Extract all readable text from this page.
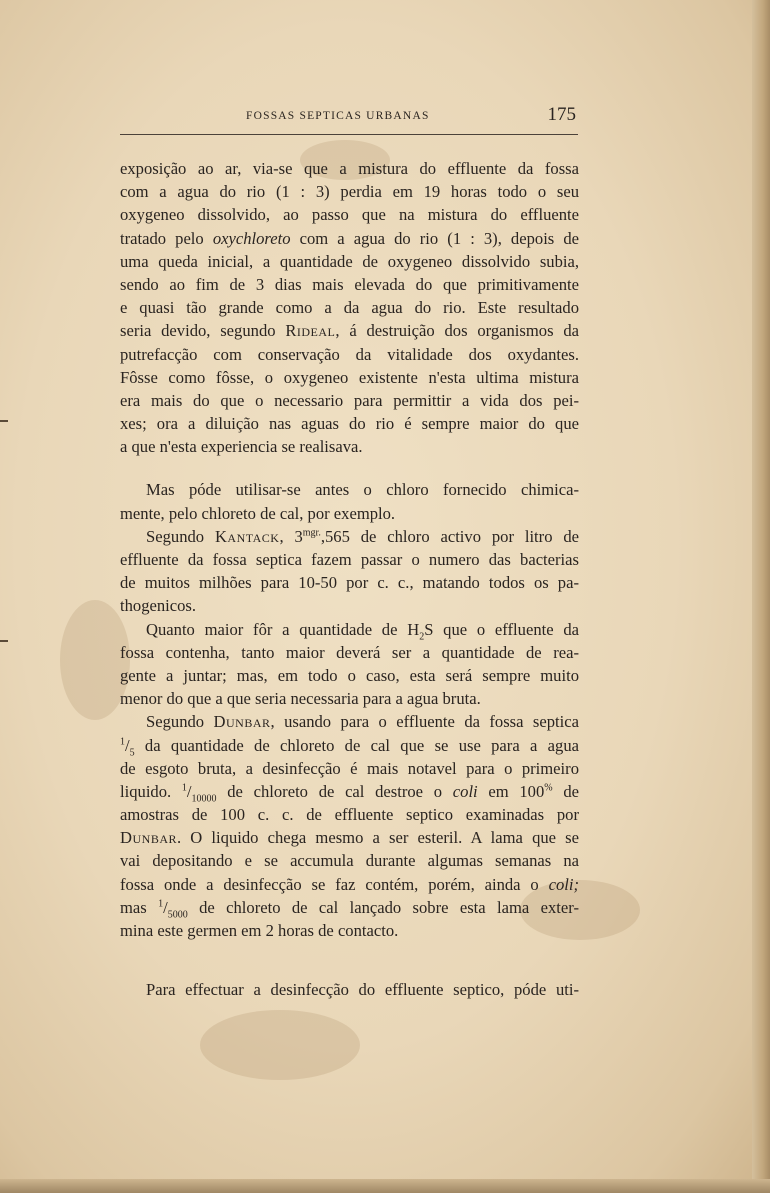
FOSSAS SEPTICAS URBANAS	175
exposição ao ar, via-se que a mistura do effluente da fossa
com a agua do rio (1 : 3) perdia em 19 horas todo o seu
oxygeneo dissolvido, ao passo que na mistura do effluente
tratado pelo oxychloreto com a agua do rio (1 : 3), depois de
uma queda inicial, a quantidade de oxygeneo dissolvido subia,
sendo ao fim de 3 dias mais elevada do que primitivamente
e quasi tão grande como a da agua do rio. Este resultado
seria devido, segundo Rideal, á destruição dos organismos da
putrefacção com conservação da vitalidade dos oxydantes.
Fôsse como fôsse, o oxygeneo existente n'esta ultima mistura
era mais do que o necessario para permittir a vida dos pei-
xes; ora a diluição nas aguas do rio é sempre maior do que
a que n'esta experiencia se realisava.
Mas póde utilisar-se antes o chloro fornecido chimica-
mente, pelo chloreto de cal, por exemplo.
Segundo Kantack, $3^{mgr.},565$ de chloro activo por litro de
effluente da fossa septica fazem passar o numero das bacterias
de muitos milhões para 10-50 por c. c., matando todos os pa-
thogenicos.
Quanto maior fôr a quantidade de $H_2S$ que o effluente da
fossa contenha, tanto maior deverá ser a quantidade de rea-
gente a juntar; mas, em todo o caso, esta será sempre muito
menor do que a que seria necessaria para a agua bruta.
Segundo Dunbar, usando para o effluente da fossa septica
$^1/_5$ da quantidade de chloreto de cal que se use para a agua
de esgoto bruta, a desinfecção é mais notavel para o primeiro
liquido. $^1/_{10000}$ de chloreto de cal destroe o coli em 100% de
amostras de 100 c. c. de effluente septico examinadas por
Dunbar. O liquido chega mesmo a ser esteril. A lama que se
vai depositando e se accumula durante algumas semanas na
fossa onde a desinfecção se faz contém, porém, ainda o coli;
mas $^1/_{5000}$ de chloreto de cal lançado sobre esta lama exter-
mina este germen em 2 horas de contacto.
Para effectuar a desinfecção do effluente septico, póde uti-
